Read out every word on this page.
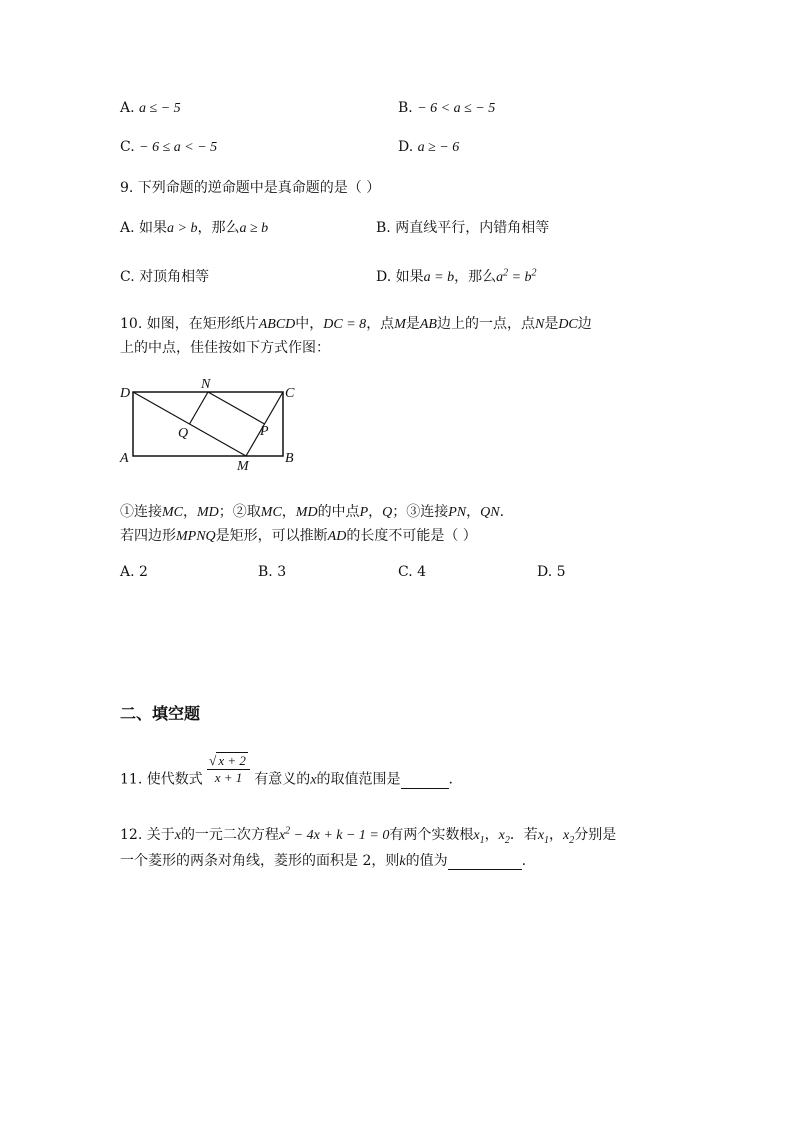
A. a ≤ − 5	B. − 6 < a ≤ − 5
C. − 6 ≤ a < − 5	D. a ≥ − 6
9. 下列命题的逆命题中是真命题的是（ ）
A. 如果a > b，那么a ≥ b	B. 两直线平行，内错角相等
C. 对顶角相等	D. 如果a = b，那么$a^2 = b^2$
10. 如图，在矩形纸片ABCD中，DC = 8，点M是AB边上的一点，点N是DC边
上的中点，佳佳按如下方式作图：
D
N
C
Q	P
A
M
B
①连接MC，MD；②取MC，MD的中点P，Q；③连接PN，QN.
若四边形MPNQ是矩形，可以推断AD的长度不可能是（ ）
A. 2	B. 3	C. 4	D. 5
二、填空题
11. 使代数式 $\frac{√ x + 2}{x + 1}$ 有意义的x的取值范围是	.
12. 关于x的一元二次方程$x^2 - 4x + k - 1 = 0$有两个实数根$x_1$，$x_2$．若$x_1$，$x_2$分别是
一个菱形的两条对角线，菱形的面积是 2，则k的值为	.
